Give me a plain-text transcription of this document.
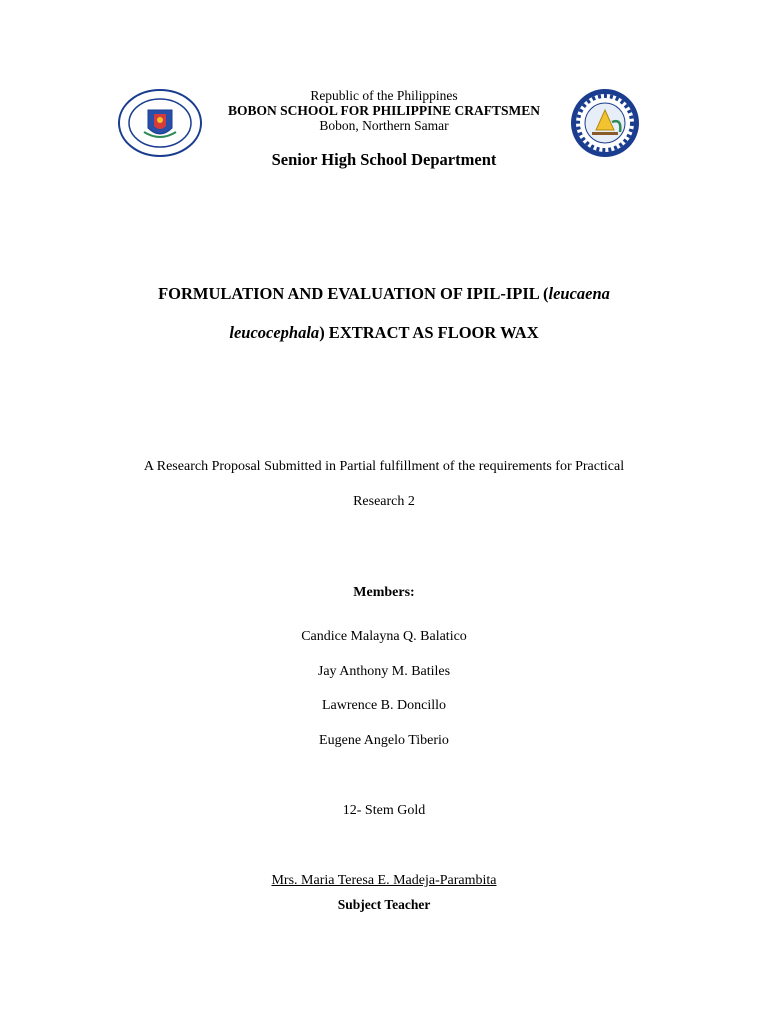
Republic of the Philippines
BOBON SCHOOL FOR PHILIPPINE CRAFTSMEN
Bobon, Northern Samar
Senior High School Department
FORMULATION AND EVALUATION OF IPIL-IPIL (leucaena
leucocephala) EXTRACT AS FLOOR WAX
A Research Proposal Submitted in Partial fulfillment of the requirements for Practical
Research 2
Members:
Candice Malayna Q. Balatico
Jay Anthony M. Batiles
Lawrence B. Doncillo
Eugene Angelo Tiberio
12- Stem Gold
Mrs. Maria Teresa E. Madeja-Parambita
Subject Teacher
